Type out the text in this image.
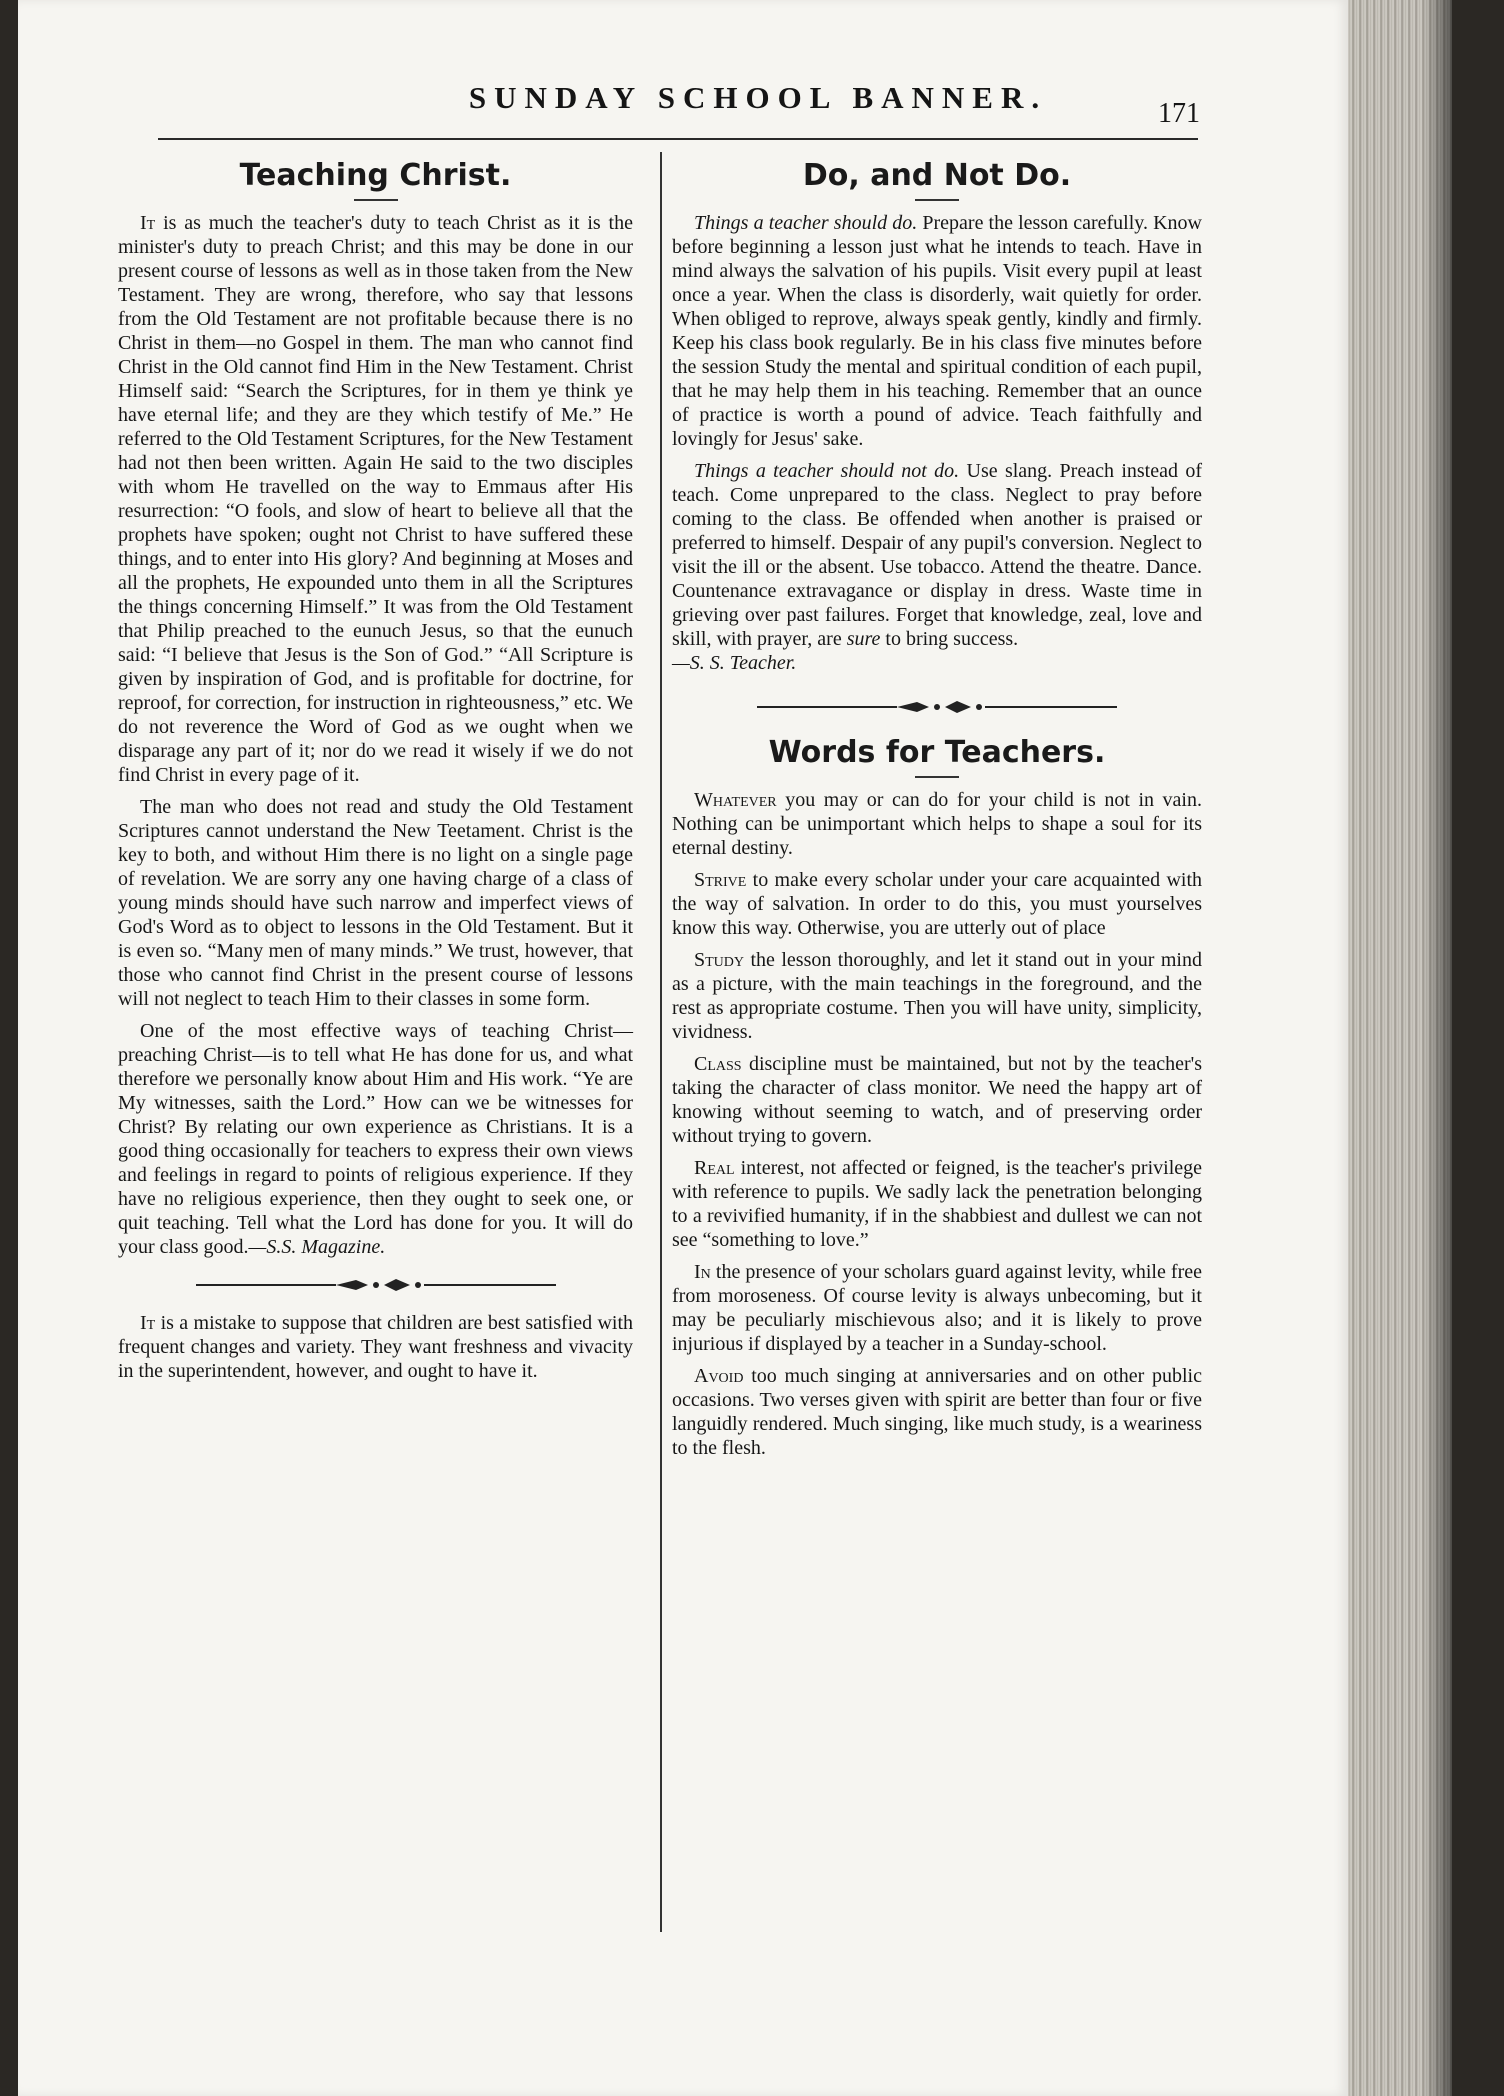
SUNDAY SCHOOL BANNER.	171
Teaching Christ.

It is as much the teacher's duty to teach Christ as it is the minister's duty to preach Christ; and this may be done in our present course of lessons as well as in those taken from the New Testament. They are wrong, therefore, who say that lessons from the Old Testament are not profitable because there is no Christ in them—no Gospel in them. The man who cannot find Christ in the Old cannot find Him in the New Testament. Christ Himself said: “Search the Scriptures, for in them ye think ye have eternal life; and they are they which testify of Me.” He referred to the Old Testament Scriptures, for the New Testament had not then been written. Again He said to the two disciples with whom He travelled on the way to Emmaus after His resurrection: “O fools, and slow of heart to believe all that the prophets have spoken; ought not Christ to have suffered these things, and to enter into His glory? And beginning at Moses and all the prophets, He expounded unto them in all the Scriptures the things concerning Himself.” It was from the Old Testament that Philip preached to the eunuch Jesus, so that the eunuch said: “I believe that Jesus is the Son of God.” “All Scripture is given by inspiration of God, and is profitable for doctrine, for reproof, for correction, for instruction in righteousness,” etc. We do not reverence the Word of God as we ought when we disparage any part of it; nor do we read it wisely if we do not find Christ in every page of it.

The man who does not read and study the Old Testament Scriptures cannot understand the New Teetament. Christ is the key to both, and without Him there is no light on a single page of revelation. We are sorry any one having charge of a class of young minds should have such narrow and imperfect views of God's Word as to object to lessons in the Old Testament. But it is even so. “Many men of many minds.” We trust, however, that those who cannot find Christ in the present course of lessons will not neglect to teach Him to their classes in some form.

One of the most effective ways of teaching Christ—preaching Christ—is to tell what He has done for us, and what therefore we personally know about Him and His work. “Ye are My witnesses, saith the Lord.” How can we be witnesses for Christ? By relating our own experience as Christians. It is a good thing occasionally for teachers to express their own views and feelings in regard to points of religious experience. If they have no religious experience, then they ought to seek one, or quit teaching. Tell what the Lord has done for you. It will do your class good.—S.S. Magazine.

It is a mistake to suppose that children are best satisfied with frequent changes and variety. They want freshness and vivacity in the superintendent, however, and ought to have it.

Do, and Not Do.

Things a teacher should do. Prepare the lesson carefully. Know before beginning a lesson just what he intends to teach. Have in mind always the salvation of his pupils. Visit every pupil at least once a year. When the class is disorderly, wait quietly for order. When obliged to reprove, always speak gently, kindly and firmly. Keep his class book regularly. Be in his class five minutes before the session Study the mental and spiritual condition of each pupil, that he may help them in his teaching. Remember that an ounce of practice is worth a pound of advice. Teach faithfully and lovingly for Jesus' sake.

Things a teacher should not do. Use slang. Preach instead of teach. Come unprepared to the class. Neglect to pray before coming to the class. Be offended when another is praised or preferred to himself. Despair of any pupil's conversion. Neglect to visit the ill or the absent. Use tobacco. Attend the theatre. Dance. Countenance extravagance or display in dress. Waste time in grieving over past failures. Forget that knowledge, zeal, love and skill, with prayer, are sure to bring success.
—S. S. Teacher.

Words for Teachers.

Whatever you may or can do for your child is not in vain. Nothing can be unimportant which helps to shape a soul for its eternal destiny.

Strive to make every scholar under your care acquainted with the way of salvation. In order to do this, you must yourselves know this way. Otherwise, you are utterly out of place

Study the lesson thoroughly, and let it stand out in your mind as a picture, with the main teachings in the foreground, and the rest as appropriate costume. Then you will have unity, simplicity, vividness.

Class discipline must be maintained, but not by the teacher's taking the character of class monitor. We need the happy art of knowing without seeming to watch, and of preserving order without trying to govern.

Real interest, not affected or feigned, is the teacher's privilege with reference to pupils. We sadly lack the penetration belonging to a revivified humanity, if in the shabbiest and dullest we can not see “something to love.”

In the presence of your scholars guard against levity, while free from moroseness. Of course levity is always unbecoming, but it may be peculiarly mischievous also; and it is likely to prove injurious if displayed by a teacher in a Sunday-school.

Avoid too much singing at anniversaries and on other public occasions. Two verses given with spirit are better than four or five languidly rendered. Much singing, like much study, is a weariness to the flesh.
